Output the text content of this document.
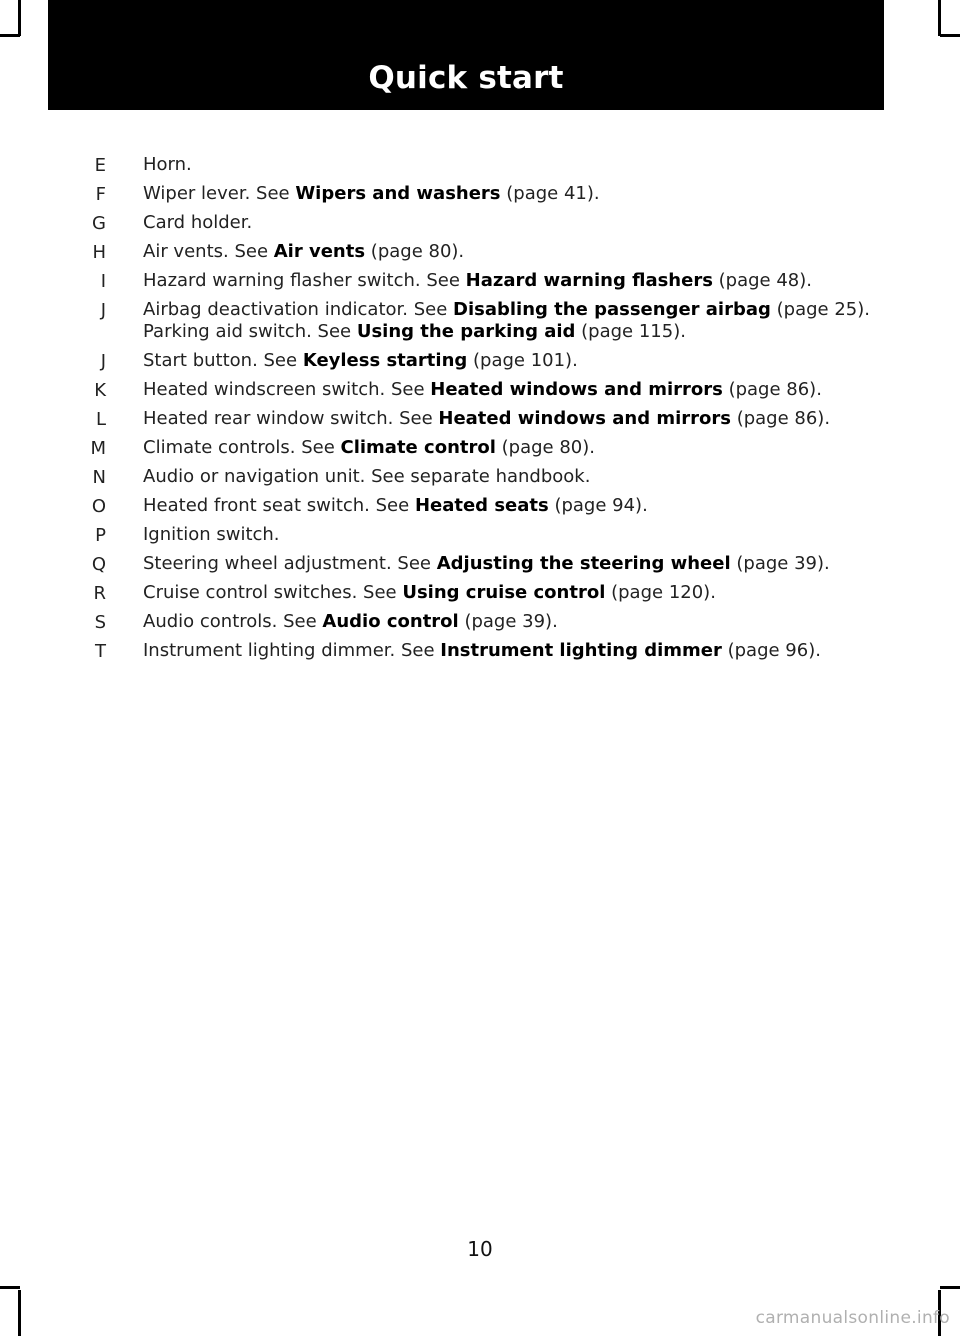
Quick start
E Horn.
F Wiper lever. See Wipers and washers (page 41).
G Card holder.
H Air vents. See Air vents (page 80).
I Hazard warning flasher switch. See Hazard warning flashers (page 48).
J Airbag deactivation indicator. See Disabling the passenger airbag (page 25). Parking aid switch. See Using the parking aid (page 115).
J Start button. See Keyless starting (page 101).
K Heated windscreen switch. See Heated windows and mirrors (page 86).
L Heated rear window switch. See Heated windows and mirrors (page 86).
M Climate controls. See Climate control (page 80).
N Audio or navigation unit. See separate handbook.
O Heated front seat switch. See Heated seats (page 94).
P Ignition switch.
Q Steering wheel adjustment. See Adjusting the steering wheel (page 39).
R Cruise control switches. See Using cruise control (page 120).
S Audio controls. See Audio control (page 39).
T Instrument lighting dimmer. See Instrument lighting dimmer (page 96).
10
carmanualsonline.info
